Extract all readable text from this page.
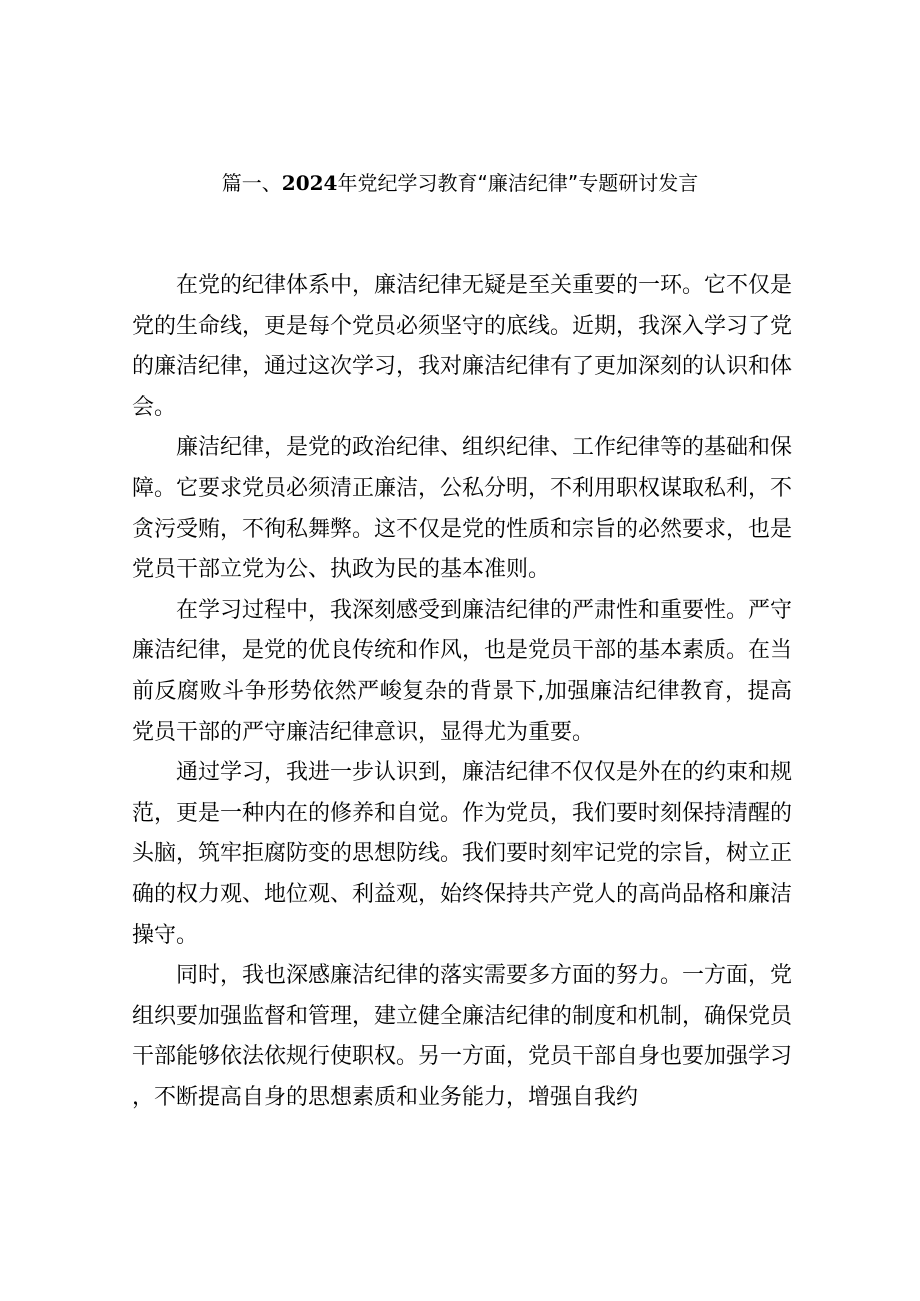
篇一、2024年党纪学习教育“廉洁纪律”专题研讨发言

在党的纪律体系中，廉洁纪律无疑是至关重要的一环。它不仅是党的生命线，更是每个党员必须坚守的底线。近期，我深入学习了党的廉洁纪律，通过这次学习，我对廉洁纪律有了更加深刻的认识和体会。

廉洁纪律，是党的政治纪律、组织纪律、工作纪律等的基础和保障。它要求党员必须清正廉洁，公私分明，不利用职权谋取私利，不贪污受贿，不徇私舞弊。这不仅是党的性质和宗旨的必然要求，也是党员干部立党为公、执政为民的基本准则。

在学习过程中，我深刻感受到廉洁纪律的严肃性和重要性。严守廉洁纪律，是党的优良传统和作风，也是党员干部的基本素质。在当前反腐败斗争形势依然严峻复杂的背景下,加强廉洁纪律教育，提高党员干部的严守廉洁纪律意识，显得尤为重要。

通过学习，我进一步认识到，廉洁纪律不仅仅是外在的约束和规范，更是一种内在的修养和自觉。作为党员，我们要时刻保持清醒的头脑，筑牢拒腐防变的思想防线。我们要时刻牢记党的宗旨，树立正确的权力观、地位观、利益观，始终保持共产党人的高尚品格和廉洁操守。

同时，我也深感廉洁纪律的落实需要多方面的努力。一方面，党组织要加强监督和管理，建立健全廉洁纪律的制度和机制，确保党员干部能够依法依规行使职权。另一方面，党员干部自身也要加强学习，不断提高自身的思想素质和业务能力，增强自我约
